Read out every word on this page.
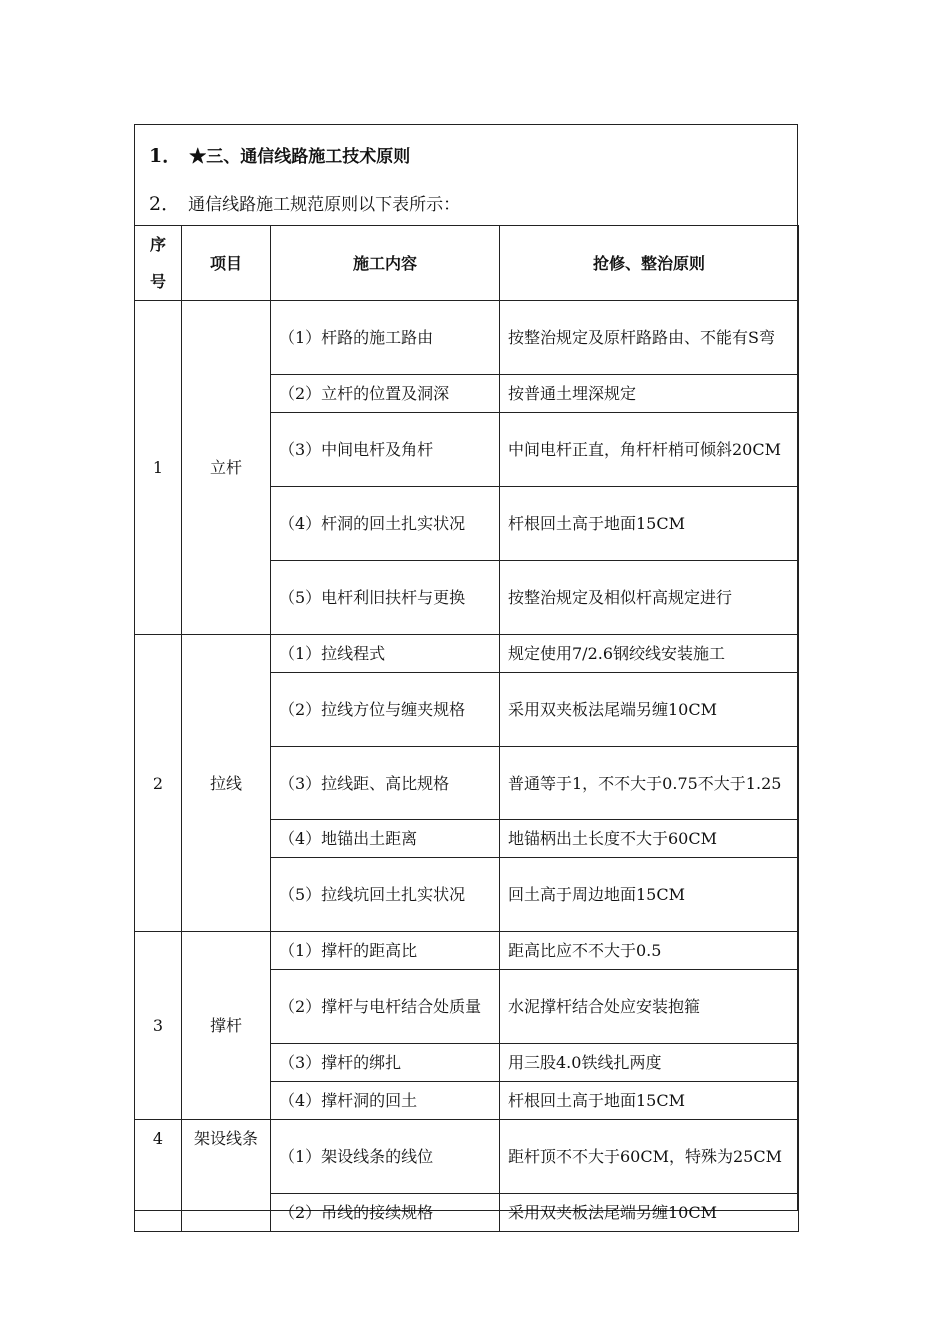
1． ★三、通信线路施工技术原则
2． 通信线路施工规范原则以下表所示：
序
号	项目	施工内容	抢修、整治原则
1	立杆	（1）杆路的施工路由	按整治规定及原杆路路由、不能有S弯
		（2）立杆的位置及洞深	按普通土埋深规定
		（3）中间电杆及角杆	中间电杆正直，角杆杆梢可倾斜20CM
		（4）杆洞的回土扎实状况	杆根回土高于地面15CM
		（5）电杆利旧扶杆与更换	按整治规定及相似杆高规定进行
2	拉线	（1）拉线程式	规定使用7/2.6钢绞线安装施工
		（2）拉线方位与缠夹规格	采用双夹板法尾端另缠10CM
		（3）拉线距、高比规格	普通等于1，不不大于0.75不大于1.25
		（4）地锚出土距离	地锚柄出土长度不大于60CM
		（5）拉线坑回土扎实状况	回土高于周边地面15CM
3	撑杆	（1）撑杆的距高比	距高比应不不大于0.5
		（2）撑杆与电杆结合处质量	水泥撑杆结合处应安装抱箍
		（3）撑杆的绑扎	用三股4.0铁线扎两度
		（4）撑杆洞的回土	杆根回土高于地面15CM
4	架设线条	（1）架设线条的线位	距杆顶不不大于60CM，特殊为25CM
		（2）吊线的接续规格	采用双夹板法尾端另缠10CM
